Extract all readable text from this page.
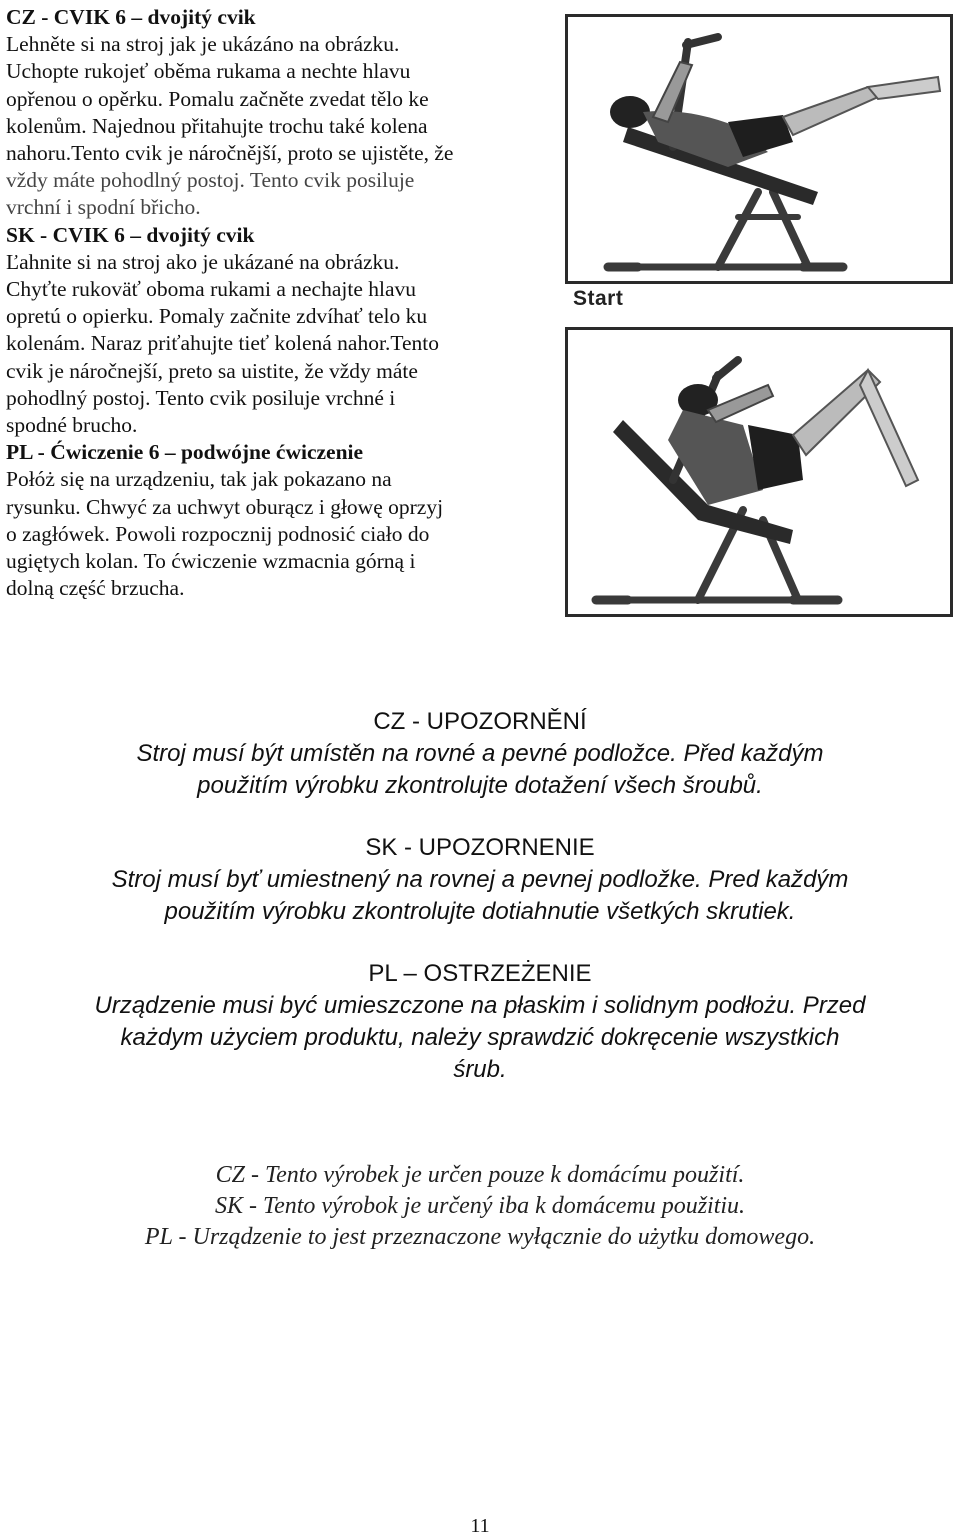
CZ - CVIK 6 – dvojitý cvik

Lehněte si na stroj jak je ukázáno na obrázku.

Uchopte rukojeť oběma rukama a nechte hlavu

opřenou o opěrku. Pomalu začněte zvedat tělo ke

kolenům. Najednou přitahujte trochu také kolena

nahoru.Tento cvik je náročnější, proto se ujistěte, že

vždy máte pohodlný postoj. Tento cvik posiluje

vrchní i spodní břicho.

SK - CVIK 6 – dvojitý cvik

Ľahnite si na stroj ako je ukázané na obrázku.

Chyťte rukoväť oboma rukami a nechajte hlavu

opretú o opierku. Pomaly začnite zdvíhať telo ku

kolenám. Naraz priťahujte tieť kolená nahor.Tento

cvik je náročnejší, preto sa uistite, že vždy máte

pohodlný postoj. Tento cvik posiluje vrchné i

spodné brucho.

PL - Ćwiczenie 6 – podwójne ćwiczenie

Połóż się na urządzeniu, tak jak pokazano na

rysunku. Chwyć za uchwyt oburącz i głowę oprzyj

o zagłówek. Powoli rozpocznij podnosić ciało do

ugiętych kolan. To ćwiczenie wzmacnia górną i

dolną część brzucha.

Start
CZ - UPOZORNĚNÍ
Stroj musí být umístěn na rovné a pevné podložce. Před každým
použitím výrobku zkontrolujte dotažení všech šroubů.
SK - UPOZORNENIE
Stroj musí byť umiestnený na rovnej a pevnej podložke. Pred každým
použitím výrobku zkontrolujte dotiahnutie všetkých skrutiek.
PL – OSTRZEŻENIE
Urządzenie musi być umieszczone na płaskim i solidnym podłożu. Przed
każdym użyciem produktu, należy sprawdzić dokręcenie wszystkich
śrub.
CZ - Tento výrobek je určen pouze k domácímu použití.
SK - Tento výrobok je určený iba k domácemu použitiu.
PL - Urządzenie to jest przeznaczone wyłącznie do użytku domowego.
11
